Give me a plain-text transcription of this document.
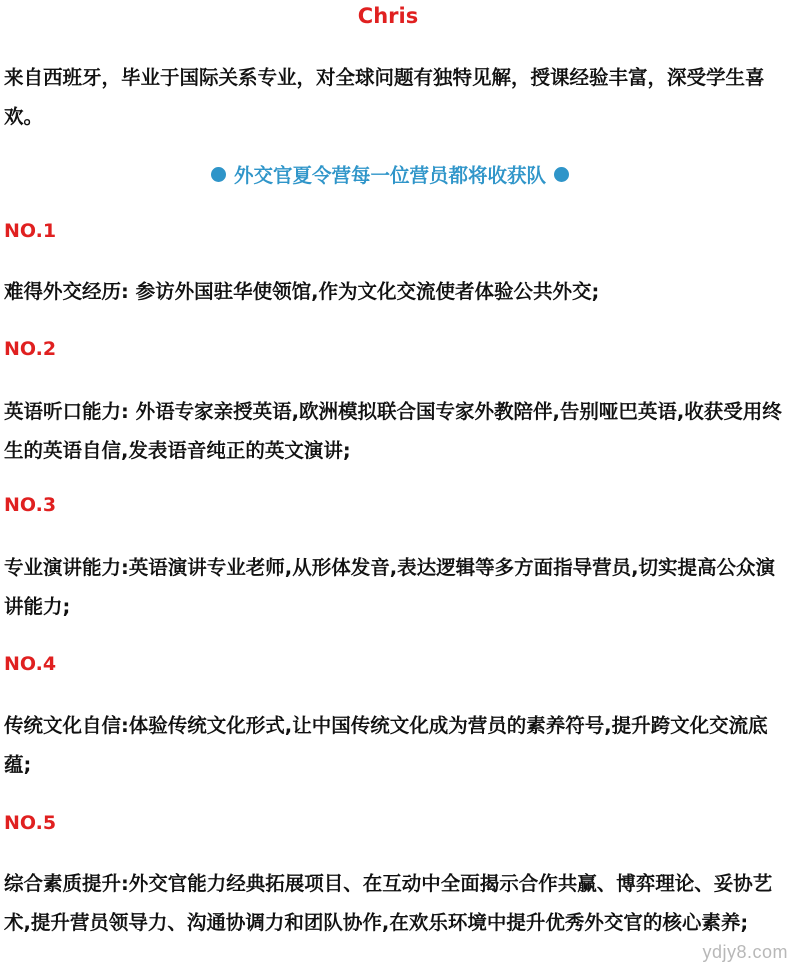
Chris

来自西班牙，毕业于国际关系专业，对全球问题有独特见解，授课经验丰富，深受学生喜欢。

外交官夏令营每一位营员都将收获队

NO.1

难得外交经历: 参访外国驻华使领馆,作为文化交流使者体验公共外交;

NO.2

英语听口能力: 外语专家亲授英语,欧洲模拟联合国专家外教陪伴,告别哑巴英语,收获受用终生的英语自信,发表语音纯正的英文演讲;

NO.3

专业演讲能力:英语演讲专业老师,从形体发音,表达逻辑等多方面指导营员,切实提高公众演讲能力;

NO.4

传统文化自信:体验传统文化形式,让中国传统文化成为营员的素养符号,提升跨文化交流底蕴;

NO.5

综合素质提升:外交官能力经典拓展项目、在互动中全面揭示合作共赢、博弈理论、妥协艺术,提升营员领导力、沟通协调力和团队协作,在欢乐环境中提升优秀外交官的核心素养;

ydjy8.com
